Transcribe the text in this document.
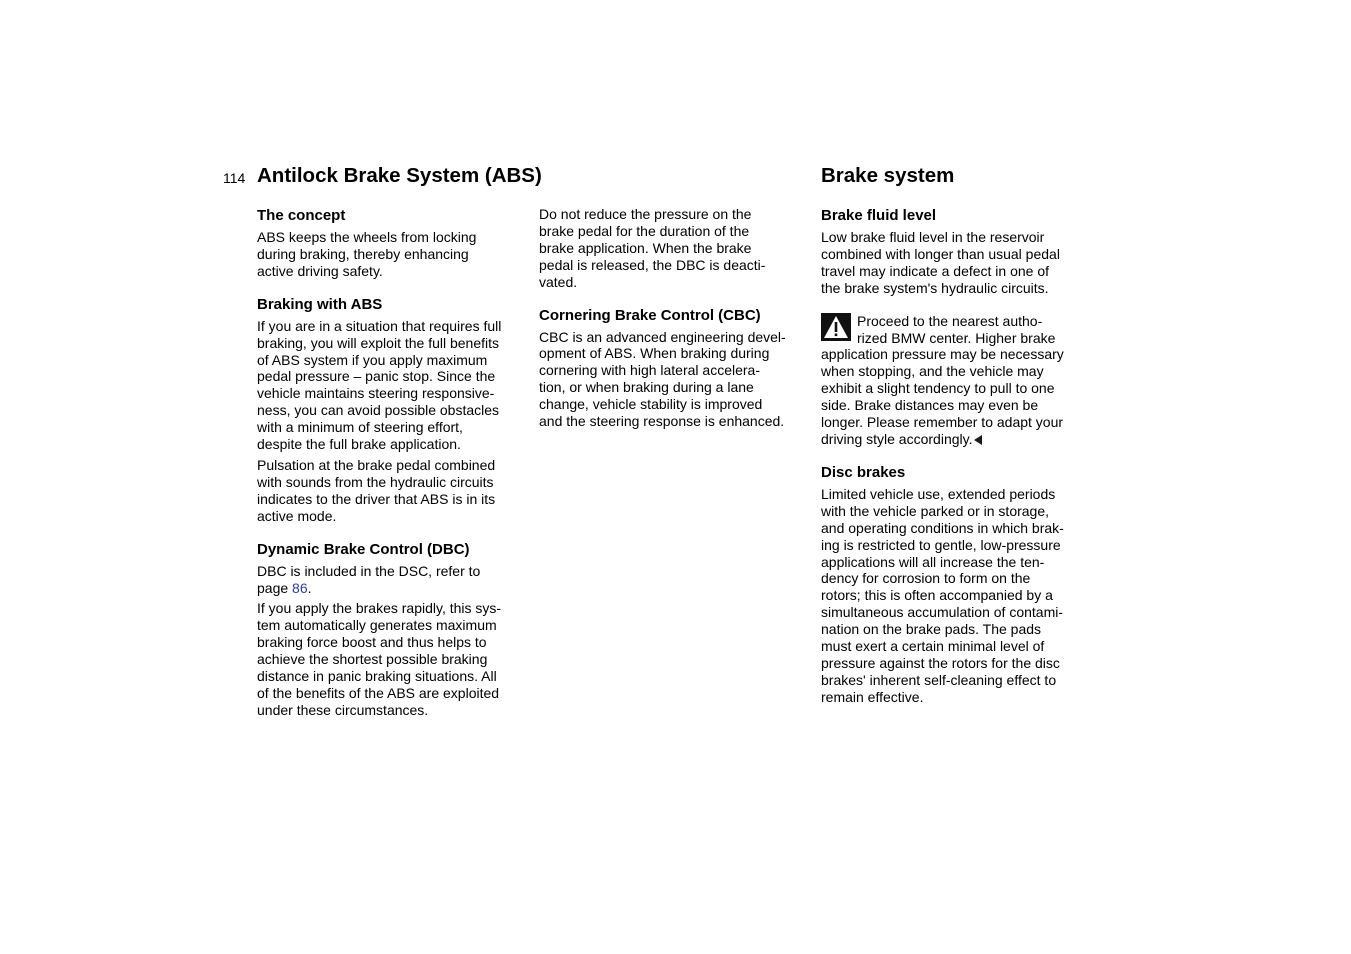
114 Antilock Brake System (ABS)	Brake system
The concept

ABS keeps the wheels from locking
during braking, thereby enhancing
active driving safety.

Braking with ABS

If you are in a situation that requires full
braking, you will exploit the full benefits
of ABS system if you apply maximum
pedal pressure – panic stop. Since the
vehicle maintains steering responsive-
ness, you can avoid possible obstacles
with a minimum of steering effort,
despite the full brake application.

Pulsation at the brake pedal combined
with sounds from the hydraulic circuits
indicates to the driver that ABS is in its
active mode.

Dynamic Brake Control (DBC)

DBC is included in the DSC, refer to
page 86.

If you apply the brakes rapidly, this sys-
tem automatically generates maximum
braking force boost and thus helps to
achieve the shortest possible braking
distance in panic braking situations. All
of the benefits of the ABS are exploited
under these circumstances.

Do not reduce the pressure on the
brake pedal for the duration of the
brake application. When the brake
pedal is released, the DBC is deacti-
vated.

Cornering Brake Control (CBC)

CBC is an advanced engineering devel-
opment of ABS. When braking during
cornering with high lateral accelera-
tion, or when braking during a lane
change, vehicle stability is improved
and the steering response is enhanced.

Brake fluid level

Low brake fluid level in the reservoir
combined with longer than usual pedal
travel may indicate a defect in one of
the brake system's hydraulic circuits.

Proceed to the nearest autho-
rized BMW center. Higher brake
application pressure may be necessary
when stopping, and the vehicle may
exhibit a slight tendency to pull to one
side. Brake distances may even be
longer. Please remember to adapt your
driving style accordingly.

Disc brakes

Limited vehicle use, extended periods
with the vehicle parked or in storage,
and operating conditions in which brak-
ing is restricted to gentle, low-pressure
applications will all increase the ten-
dency for corrosion to form on the
rotors; this is often accompanied by a
simultaneous accumulation of contami-
nation on the brake pads. The pads
must exert a certain minimal level of
pressure against the rotors for the disc
brakes' inherent self-cleaning effect to
remain effective.
